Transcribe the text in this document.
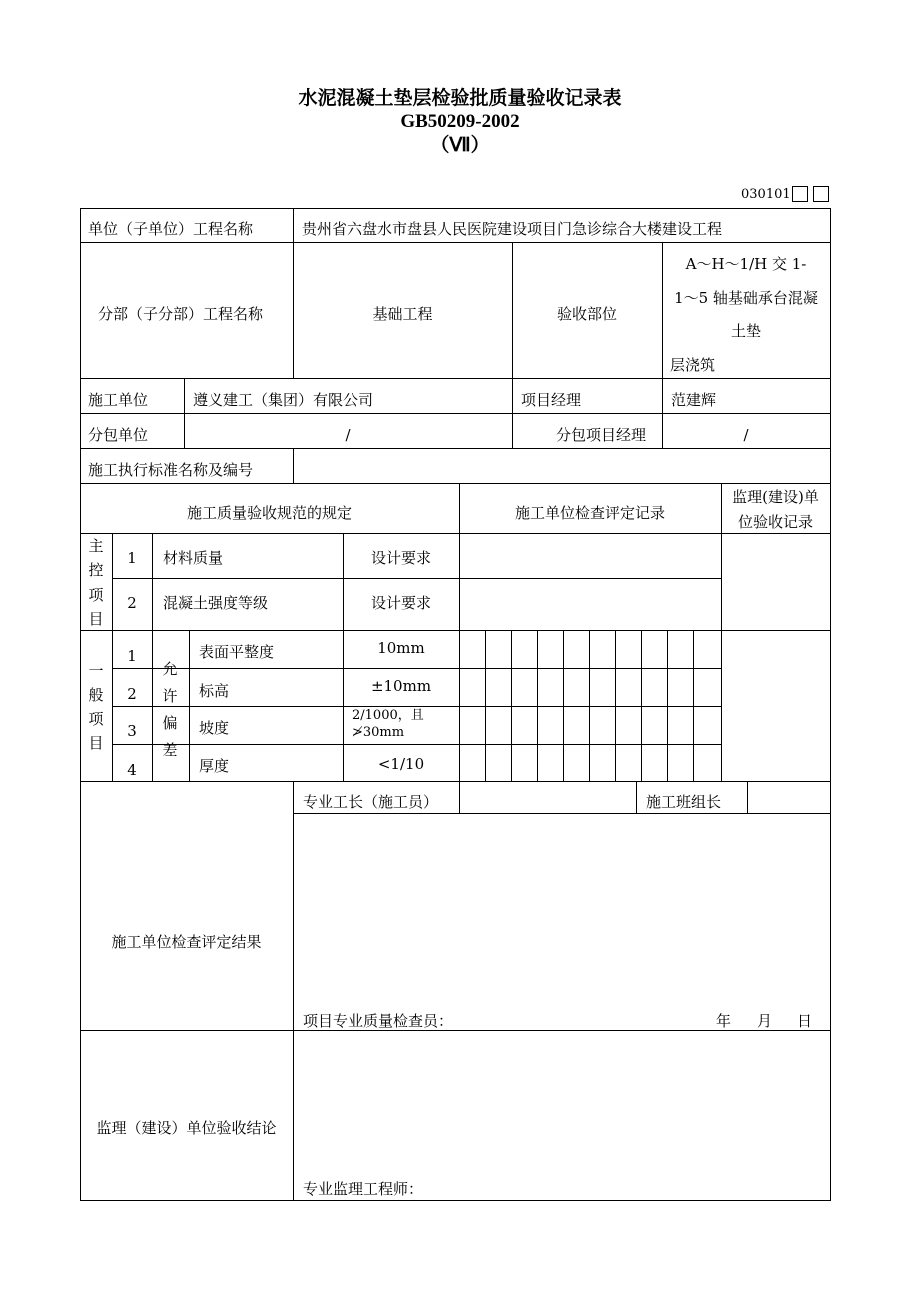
水泥混凝土垫层检验批质量验收记录表
GB50209-2002
（Ⅶ）
030101
单位（子单位）工程名称	贵州省六盘水市盘县人民医院建设项目门急诊综合大楼建设工程
分部（子分部）工程名称	基础工程	验收部位
A～H～1/H 交 1-
1～5 轴基础承台混凝
土垫
层浇筑
施工单位	遵义建工（集团）有限公司	项目经理	范建辉
分包单位	/	分包项目经理	/
施工执行标准名称及编号
施工质量验收规范的规定	施工单位检查评定记录
监理(建设)单
位验收记录
主
控
项
目
1	材料质量	设计要求
2	混凝土强度等级	设计要求
一
般
项
目
允
许
偏
差
1	表面平整度	10mm
2	标高	±10mm
3	坡度
2/1000，且
≯30mm
4	厚度	<1/10
专业工长（施工员）	施工班组长
施工单位检查评定结果
项目专业质量检查员：	年 月 日
监理（建设）单位验收结论
专业监理工程师：
